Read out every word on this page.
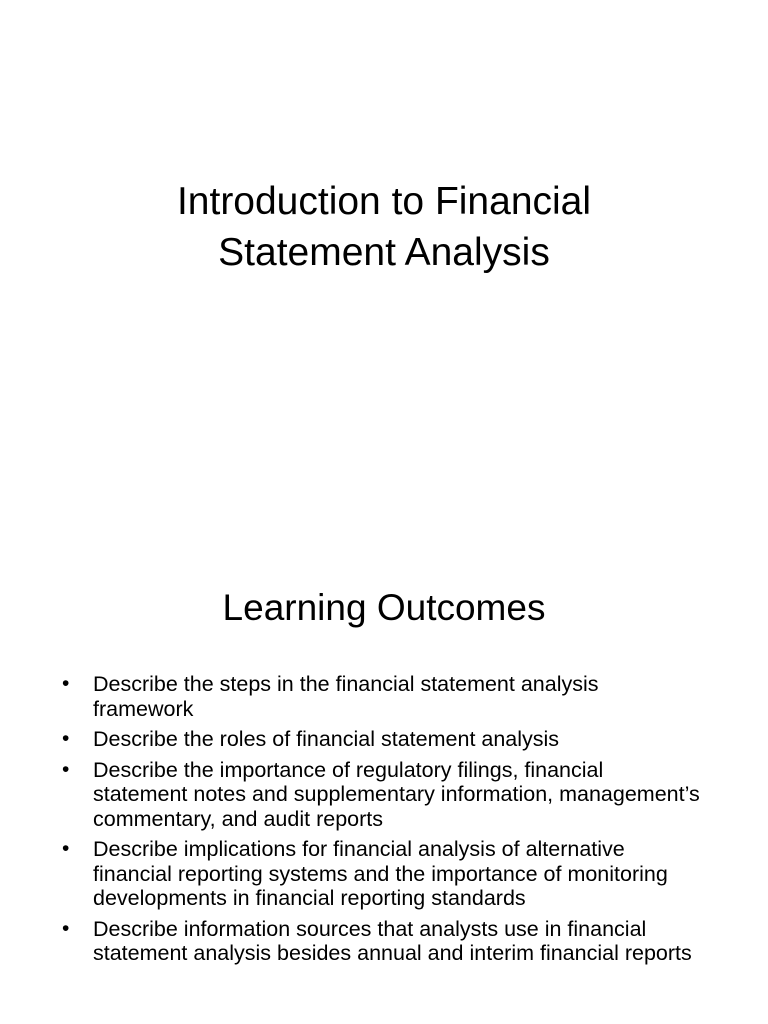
Introduction to Financial
Statement Analysis
Learning Outcomes
• Describe the steps in the financial statement analysis framework
• Describe the roles of financial statement analysis
• Describe the importance of regulatory filings, financial statement notes and supplementary information, management’s commentary, and audit reports
• Describe implications for financial analysis of alternative financial reporting systems and the importance of monitoring developments in financial reporting standards
• Describe information sources that analysts use in financial statement analysis besides annual and interim financial reports
